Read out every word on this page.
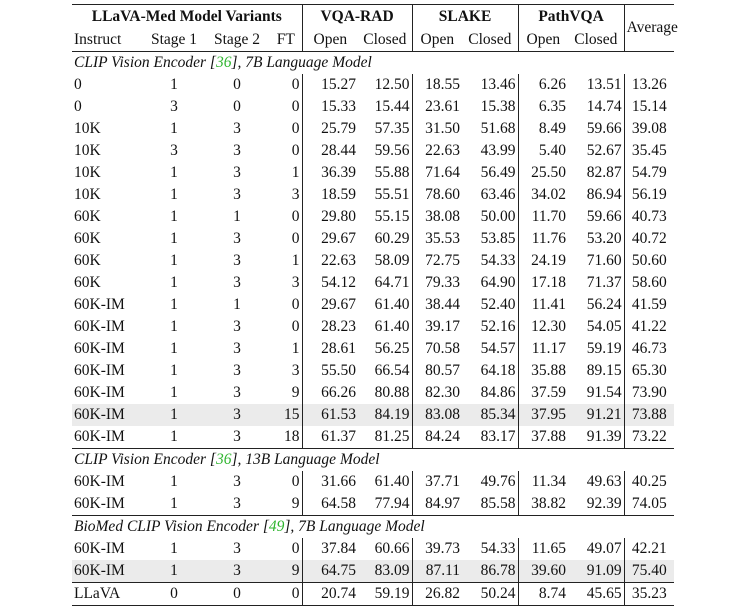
LLaVA-Med Model Variants				VQA-RAD		SLAKE		PathVQA		Average
Instruct	Stage 1	Stage 2	FT	Open	Closed	Open	Closed	Open	Closed	
CLIP Vision Encoder [36], 7B Language Model										
0	1	0	0	15.27	12.50	18.55	13.46	6.26	13.51	13.26
0	3	0	0	15.33	15.44	23.61	15.38	6.35	14.74	15.14
10K	1	3	0	25.79	57.35	31.50	51.68	8.49	59.66	39.08
10K	3	3	0	28.44	59.56	22.63	43.99	5.40	52.67	35.45
10K	1	3	1	36.39	55.88	71.64	56.49	25.50	82.87	54.79
10K	1	3	3	18.59	55.51	78.60	63.46	34.02	86.94	56.19
60K	1	1	0	29.80	55.15	38.08	50.00	11.70	59.66	40.73
60K	1	3	0	29.67	60.29	35.53	53.85	11.76	53.20	40.72
60K	1	3	1	22.63	58.09	72.75	54.33	24.19	71.60	50.60
60K	1	3	3	54.12	64.71	79.33	64.90	17.18	71.37	58.60
60K-IM	1	1	0	29.67	61.40	38.44	52.40	11.41	56.24	41.59
60K-IM	1	3	0	28.23	61.40	39.17	52.16	12.30	54.05	41.22
60K-IM	1	3	1	28.61	56.25	70.58	54.57	11.17	59.19	46.73
60K-IM	1	3	3	55.50	66.54	80.57	64.18	35.88	89.15	65.30
60K-IM	1	3	9	66.26	80.88	82.30	84.86	37.59	91.54	73.90
60K-IM	1	3	15	61.53	84.19	83.08	85.34	37.95	91.21	73.88
60K-IM	1	3	18	61.37	81.25	84.24	83.17	37.88	91.39	73.22
CLIP Vision Encoder [36], 13B Language Model										
60K-IM	1	3	0	31.66	61.40	37.71	49.76	11.34	49.63	40.25
60K-IM	1	3	9	64.58	77.94	84.97	85.58	38.82	92.39	74.05
BioMed CLIP Vision Encoder [49], 7B Language Model										
60K-IM	1	3	0	37.84	60.66	39.73	54.33	11.65	49.07	42.21
60K-IM	1	3	9	64.75	83.09	87.11	86.78	39.60	91.09	75.40
LLaVA	0	0	0	20.74	59.19	26.82	50.24	8.74	45.65	35.23
